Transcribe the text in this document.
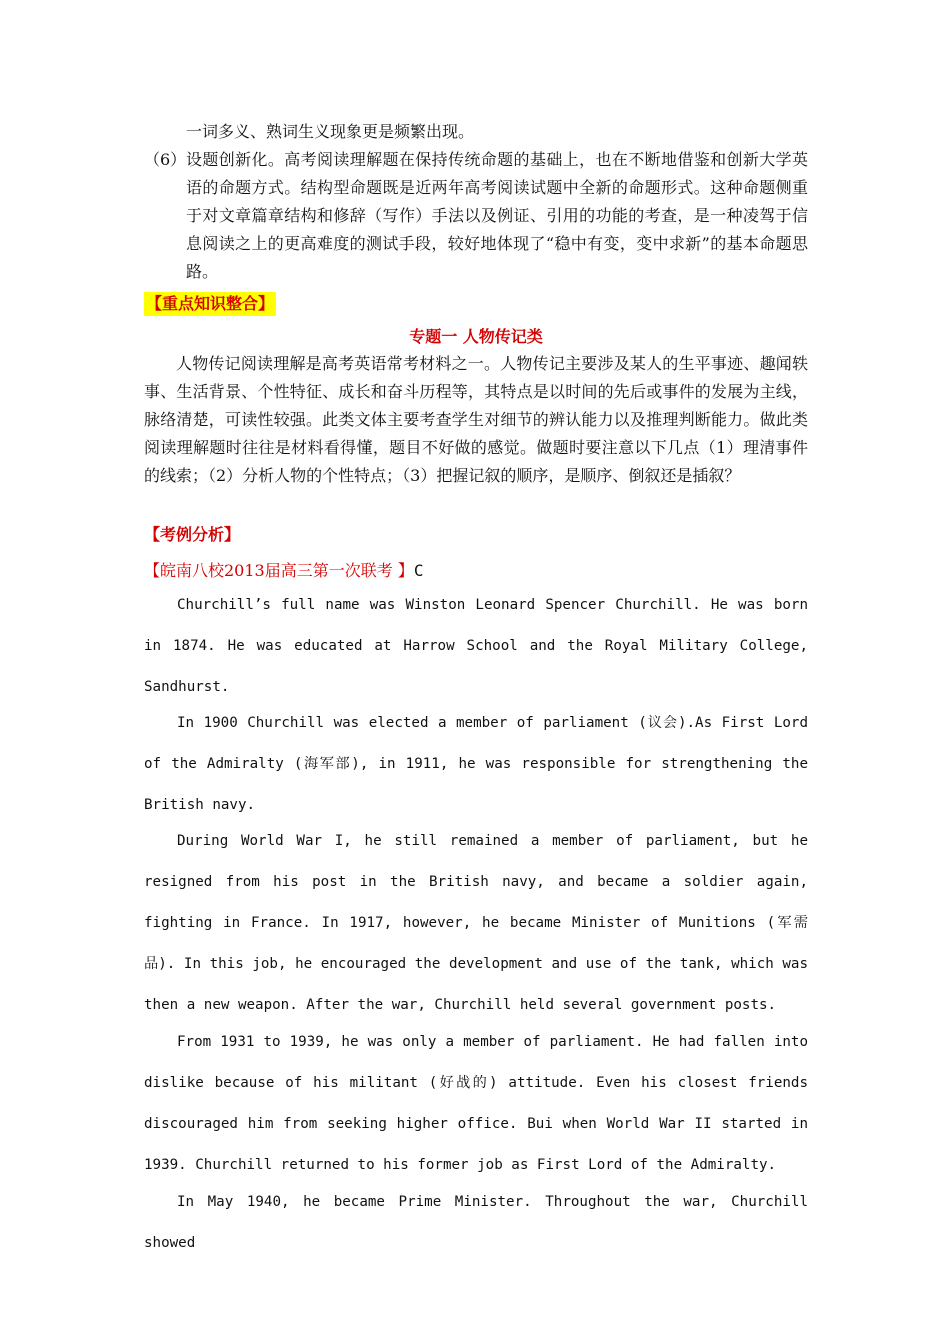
一词多义、熟词生义现象更是频繁出现。
（6） 设题创新化。高考阅读理解题在保持传统命题的基础上，也在不断地借鉴和创新大学英语的命题方式。结构型命题既是近两年高考阅读试题中全新的命题形式。这种命题侧重于对文章篇章结构和修辞（写作）手法以及例证、引用的功能的考查，是一种凌驾于信息阅读之上的更高难度的测试手段，较好地体现了“稳中有变，变中求新”的基本命题思路。
【重点知识整合】
专题一 人物传记类
人物传记阅读理解是高考英语常考材料之一。人物传记主要涉及某人的生平事迹、趣闻轶事、生活背景、个性特征、成长和奋斗历程等，其特点是以时间的先后或事件的发展为主线，脉络清楚，可读性较强。此类文体主要考查学生对细节的辨认能力以及推理判断能力。做此类阅读理解题时往往是材料看得懂，题目不好做的感觉。做题时要注意以下几点（1）理清事件的线索；（2）分析人物的个性特点；（3）把握记叙的顺序，是顺序、倒叙还是插叙？
【考例分析】
【皖南八校2013届高三第一次联考 】C
Churchill’s full name was Winston Leonard Spencer Churchill. He was born in 1874. He was educated at Harrow School and the Royal Military College, Sandhurst.
In 1900 Churchill was elected a member of parliament (议会).As First Lord of the Admiralty (海军部), in 1911, he was responsible for strengthening the British navy.
During World War I, he still remained a member of parliament, but he resigned from his post in the British navy, and became a soldier again, fighting in France. In 1917, however, he became Minister of Munitions (军需品). In this job, he encouraged the development and use of the tank, which was then a new weapon. After the war, Churchill held several government posts.
From 1931 to 1939, he was only a member of parliament. He had fallen into dislike because of his militant (好战的) attitude. Even his closest friends discouraged him from seeking higher office. Bui when World War II started in 1939. Churchill returned to his former job as First Lord of the Admiralty.
In May 1940, he became Prime Minister. Throughout the war, Churchill showed
